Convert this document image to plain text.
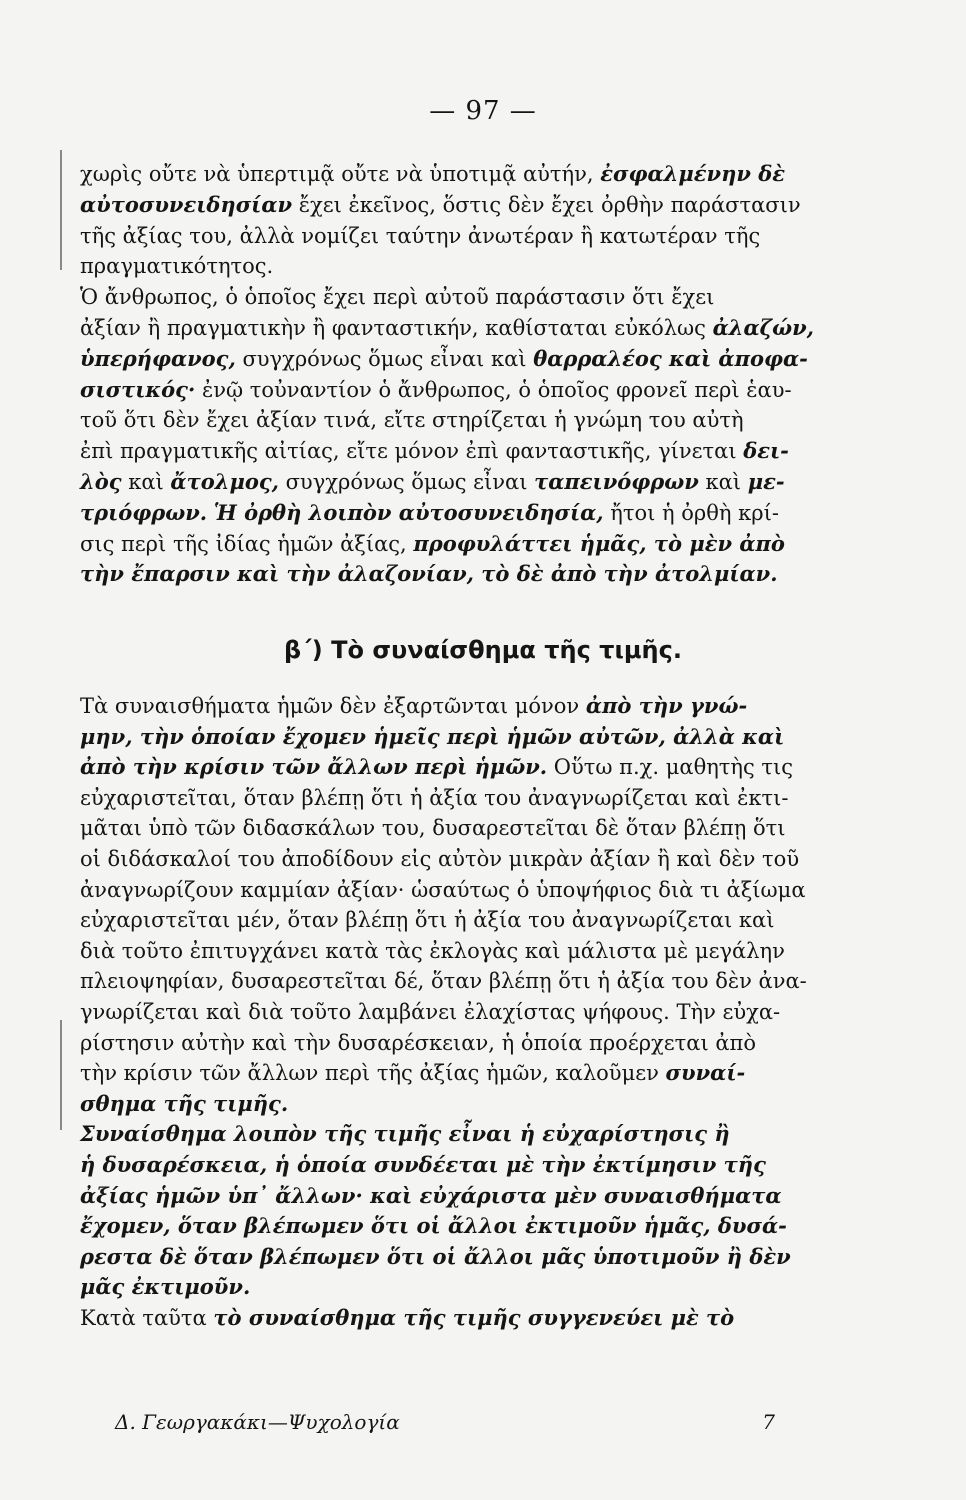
— 97 —
χωρὶς οὔτε νὰ ὑπερτιμᾷ οὔτε νὰ ὑποτιμᾷ αὐτήν, ἐσφαλμένην δὲ
αὐτοσυνειδησίαν ἔχει ἐκεῖνος, ὅστις δὲν ἔχει ὀρθὴν παράστασιν
τῆς ἀξίας του, ἀλλὰ νομίζει ταύτην ἀνωτέραν ἢ κατωτέραν τῆς
πραγματικότητος.
Ὁ ἄνθρωπος, ὁ ὁποῖος ἔχει περὶ αὐτοῦ παράστασιν ὅτι ἔχει
ἀξίαν ἢ πραγματικὴν ἢ φανταστικήν, καθίσταται εὐκόλως ἀλαζών,
ὑπερήφανος, συγχρόνως ὅμως εἶναι καὶ θαρραλέος καὶ ἀποφα-
σιστικός· ἐνῷ τοὐναντίον ὁ ἄνθρωπος, ὁ ὁποῖος φρονεῖ περὶ ἑαυ-
τοῦ ὅτι δὲν ἔχει ἀξίαν τινά, εἴτε στηρίζεται ἡ γνώμη του αὐτὴ
ἐπὶ πραγματικῆς αἰτίας, εἴτε μόνον ἐπὶ φανταστικῆς, γίνεται δει-
λὸς καὶ ἄτολμος, συγχρόνως ὅμως εἶναι ταπεινόφρων καὶ με-
τριόφρων. Ἡ ὀρθὴ λοιπὸν αὐτοσυνειδησία, ἤτοι ἡ ὀρθὴ κρί-
σις περὶ τῆς ἰδίας ἡμῶν ἀξίας, προφυλάττει ἡμᾶς, τὸ μὲν ἀπὸ
τὴν ἔπαρσιν καὶ τὴν ἀλαζονίαν, τὸ δὲ ἀπὸ τὴν ἀτολμίαν.
Τὰ συναισθήματα ἡμῶν δὲν ἐξαρτῶνται μόνον ἀπὸ τὴν γνώ-
μην, τὴν ὁποίαν ἔχομεν ἡμεῖς περὶ ἡμῶν αὐτῶν, ἀλλὰ καὶ
ἀπὸ τὴν κρίσιν τῶν ἄλλων περὶ ἡμῶν. Οὕτω π.χ. μαθητὴς τις
εὐχαριστεῖται, ὅταν βλέπῃ ὅτι ἡ ἀξία του ἀναγνωρίζεται καὶ ἐκτι-
μᾶται ὑπὸ τῶν διδασκάλων του, δυσαρεστεῖται δὲ ὅταν βλέπῃ ὅτι
οἱ διδάσκαλοί του ἀποδίδουν εἰς αὐτὸν μικρὰν ἀξίαν ἢ καὶ δὲν τοῦ
ἀναγνωρίζουν καμμίαν ἀξίαν· ὡσαύτως ὁ ὑποψήφιος διὰ τι ἀξίωμα
εὐχαριστεῖται μέν, ὅταν βλέπῃ ὅτι ἡ ἀξία του ἀναγνωρίζεται καὶ
διὰ τοῦτο ἐπιτυγχάνει κατὰ τὰς ἐκλογὰς καὶ μάλιστα μὲ μεγάλην
πλειοψηφίαν, δυσαρεστεῖται δέ, ὅταν βλέπῃ ὅτι ἡ ἀξία του δὲν ἀνα-
γνωρίζεται καὶ διὰ τοῦτο λαμβάνει ἐλαχίστας ψήφους. Τὴν εὐχα-
ρίστησιν αὐτὴν καὶ τὴν δυσαρέσκειαν, ἡ ὁποία προέρχεται ἀπὸ
τὴν κρίσιν τῶν ἄλλων περὶ τῆς ἀξίας ἡμῶν, καλοῦμεν συναί-
σθημα τῆς τιμῆς.
Συναίσθημα λοιπὸν τῆς τιμῆς εἶναι ἡ εὐχαρίστησις ἢ
ἡ δυσαρέσκεια, ἡ ὁποία συνδέεται μὲ τὴν ἐκτίμησιν τῆς
ἀξίας ἡμῶν ὑπ᾿ ἄλλων· καὶ εὐχάριστα μὲν συναισθήματα
ἔχομεν, ὅταν βλέπωμεν ὅτι οἱ ἄλλοι ἐκτιμοῦν ἡμᾶς, δυσά-
ρεστα δὲ ὅταν βλέπωμεν ὅτι οἱ ἄλλοι μᾶς ὑποτιμοῦν ἢ δὲν
μᾶς ἐκτιμοῦν.
Κατὰ ταῦτα τὸ συναίσθημα τῆς τιμῆς συγγενεύει μὲ τὸ
β΄) Τὸ συναίσθημα τῆς τιμῆς.
Δ. Γεωργακάκι—Ψυχολογία	7
